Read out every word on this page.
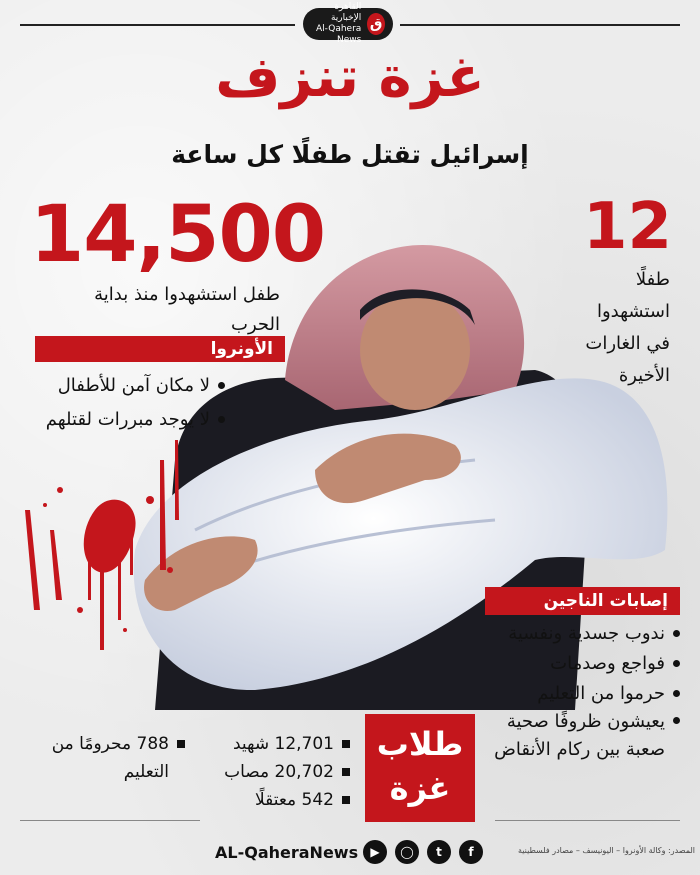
القاهرة الإخبارية
Al-Qahera News
ق
غزة تنزف
إسرائيل تقتل طفلًا كل ساعة
14,500
طفل استشهدوا منذ بداية الحرب
12
طفلًا
استشهدوا
في الغارات
الأخيرة
الأونروا
لا مكان آمن للأطفال
لا يوجد مبررات لقتلهم
إصابات الناجين
ندوب جسدية ونفسية
فواجع وصدمات
حرموا من التعليم
يعيشون ظروفًا صحية صعبة بين ركام الأنقاض
طلاب غزة
12,701 شهيد
20,702 مصاب
542 معتقلًا
788 محرومًا من التعليم
AL-QaheraNews	▶	◯	t	f	المصدر: وكالة الأونروا – اليونيسف – مصادر فلسطينية
